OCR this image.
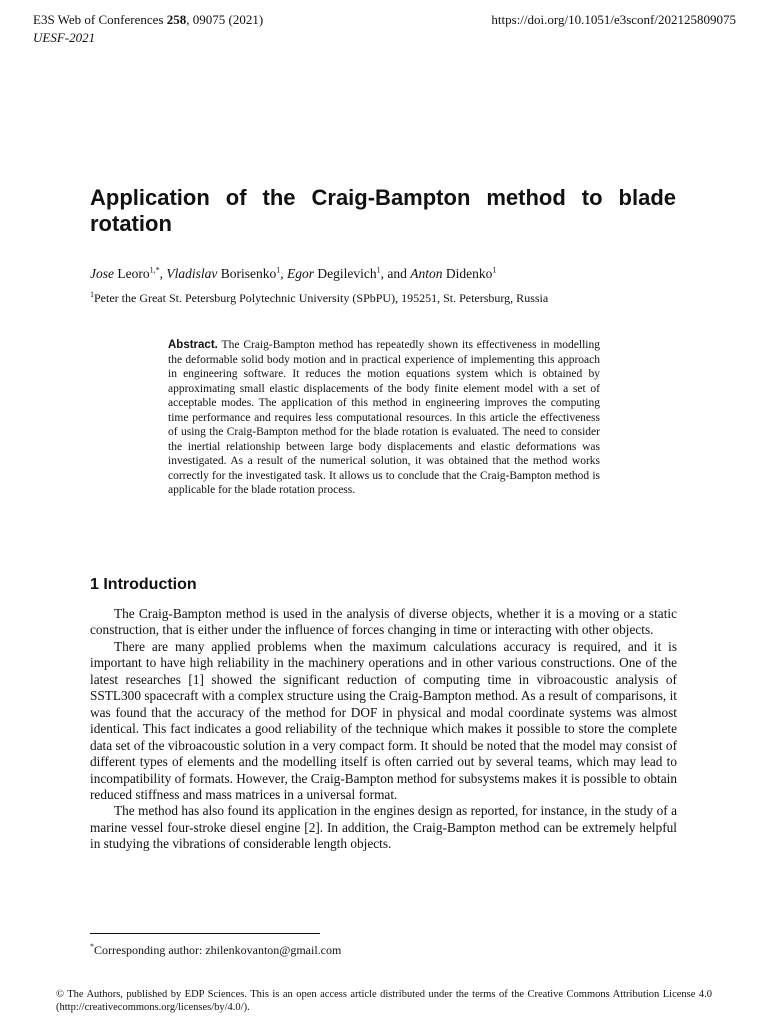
E3S Web of Conferences 258, 09075 (2021)
UESF-2021
https://doi.org/10.1051/e3sconf/202125809075
Application of the Craig-Bampton method to blade rotation
Jose Leoro$^{1,*}$, Vladislav Borisenko$^1$, Egor Degilevich$^1$, and Anton Didenko$^1$
$^1$Peter the Great St. Petersburg Polytechnic University (SPbPU), 195251, St. Petersburg, Russia
Abstract. The Craig-Bampton method has repeatedly shown its effectiveness in modelling the deformable solid body motion and in practical experience of implementing this approach in engineering software. It reduces the motion equations system which is obtained by approximating small elastic displacements of the body finite element model with a set of acceptable modes. The application of this method in engineering improves the computing time performance and requires less computational resources. In this article the effectiveness of using the Craig-Bampton method for the blade rotation is evaluated. The need to consider the inertial relationship between large body displacements and elastic deformations was investigated. As a result of the numerical solution, it was obtained that the method works correctly for the investigated task. It allows us to conclude that the Craig-Bampton method is applicable for the blade rotation process.
1 Introduction

The Craig-Bampton method is used in the analysis of diverse objects, whether it is a moving or a static construction, that is either under the influence of forces changing in time or interacting with other objects.

There are many applied problems when the maximum calculations accuracy is required, and it is important to have high reliability in the machinery operations and in other various constructions. One of the latest researches [1] showed the significant reduction of computing time in vibroacoustic analysis of SSTL300 spacecraft with a complex structure using the Craig-Bampton method. As a result of comparisons, it was found that the accuracy of the method for DOF in physical and modal coordinate systems was almost identical. This fact indicates a good reliability of the technique which makes it possible to store the complete data set of the vibroacoustic solution in a very compact form. It should be noted that the model may consist of different types of elements and the modelling itself is often carried out by several teams, which may lead to incompatibility of formats. However, the Craig-Bampton method for subsystems makes it is possible to obtain reduced stiffness and mass matrices in a universal format.

The method has also found its application in the engines design as reported, for instance, in the study of a marine vessel four-stroke diesel engine [2]. In addition, the Craig-Bampton method can be extremely helpful in studying the vibrations of considerable length objects.

*Corresponding author: zhilenkovanton@gmail.com
© The Authors, published by EDP Sciences. This is an open access article distributed under the terms of the Creative Commons Attribution License 4.0 (http://creativecommons.org/licenses/by/4.0/).
